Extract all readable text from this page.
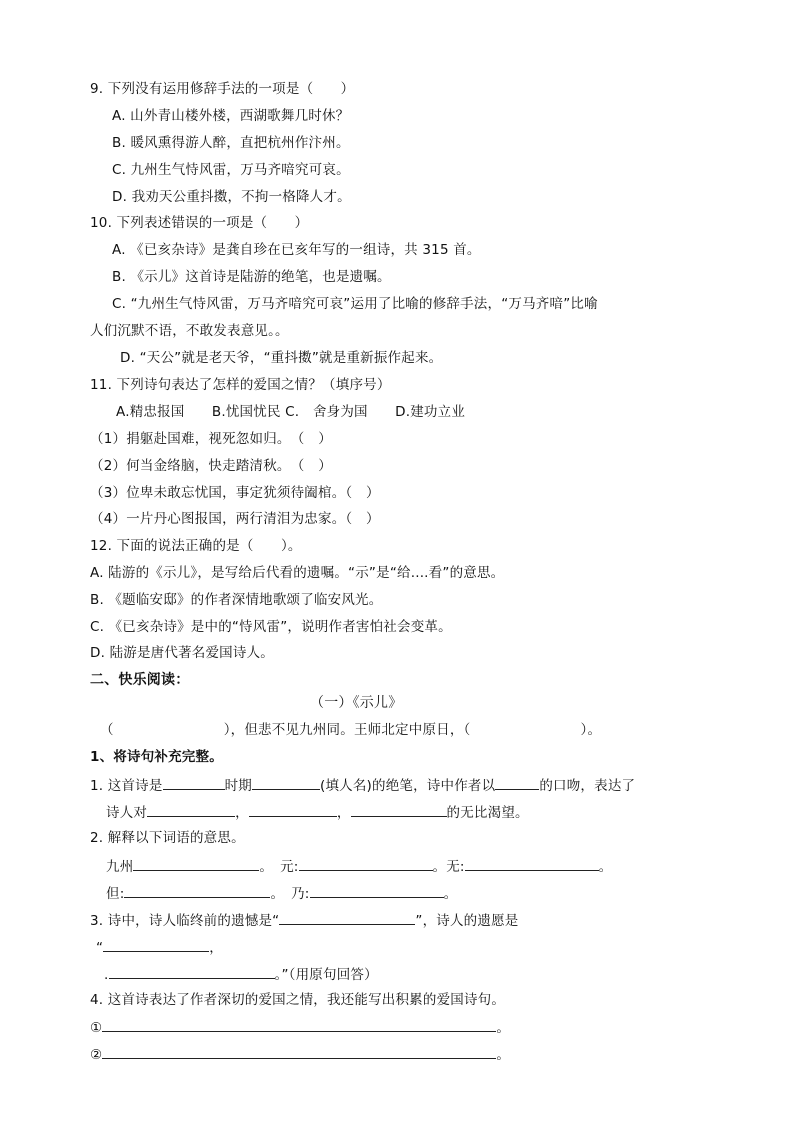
9. 下列没有运用修辞手法的一项是（　　）
A. 山外青山楼外楼，西湖歌舞几时休？
B. 暖风熏得游人醉，直把杭州作汴州。
C. 九州生气恃风雷，万马齐喑究可哀。
D. 我劝天公重抖擞，不拘一格降人才。
10. 下列表述错误的一项是（　　）
A. 《已亥杂诗》是龚自珍在已亥年写的一组诗，共 315 首。
B. 《示儿》这首诗是陆游的绝笔，也是遗嘱。
C. “九州生气恃风雷，万马齐喑究可哀”运用了比喻的修辞手法，“万马齐喑”比喻
人们沉默不语，不敢发表意见。。
D. “天公”就是老天爷，“重抖擞”就是重新振作起来。
11. 下列诗句表达了怎样的爱国之情？（填序号）
A.精忠报国　　B.忧国忧民 C.　舍身为国　　D.建功立业
（1）捐躯赴国难，视死忽如归。　（　）
（2）何当金络脑，快走踏清秋。　（　）
（3）位卑未敢忘忧国，事定犹须待阖棺。（　）
（4）一片丹心图报国，两行清泪为忠家。（　）
12. 下面的说法正确的是（　　）。
A. 陆游的《示儿》，是写给后代看的遗嘱。“示”是“给....看”的意思。
B. 《题临安邸》的作者深情地歌颂了临安风光。
C. 《已亥杂诗》是中的“恃风雷”，说明作者害怕社会变革。
D. 陆游是唐代著名爱国诗人。
二、快乐阅读：
（一）《示儿》
（	），但悲不见九州同。王师北定中原日，（	）。
1、将诗句补充完整。
1. 这首诗是	时期	(填人名)的绝笔，诗中作者以	的口吻，表达了
诗人对	，	，	的无比渴望。
2. 解释以下词语的意思。
九州	。　 元:	。无:	。
但:	。　 乃:	。
3. 诗中，诗人临终前的遗憾是“	”，诗人的遗愿是
“	，
.	。”（用原句回答）
4. 这首诗表达了作者深切的爱国之情，我还能写出积累的爱国诗句。
①	。
②	。
